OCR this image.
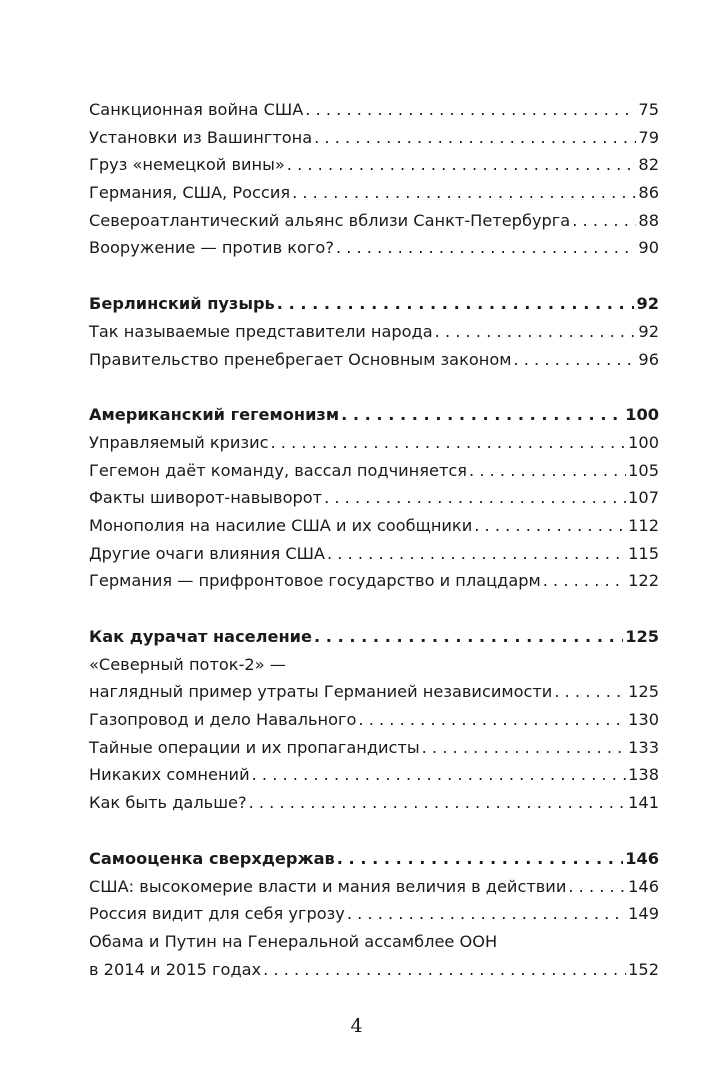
Санкционная война США . . .	75
Установки из Вашингтона . . .	79
Груз «немецкой вины» . . .	82
Германия, США, Россия . . .	86
Североатлантический альянс вблизи Санкт-Петербурга . . .	88
Вооружение — против кого? . . .	90
Берлинский пузырь . . .	92
Так называемые представители народа . . .	92
Правительство пренебрегает Основным законом . . .	96
Американский гегемонизм . . .	100
Управляемый кризис . . .	100
Гегемон даёт команду, вассал подчиняется . . .	105
Факты шиворот-навыворот . . .	107
Монополия на насилие США и их сообщники . . .	112
Другие очаги влияния США . . .	115
Германия — прифронтовое государство и плацдарм . . .	122
Как дурачат население . . .	125
«Северный поток-2» —
наглядный пример утраты Германией независимости . . .	125
Газопровод и дело Навального . . .	130
Тайные операции и их пропагандисты . . .	133
Никаких сомнений . . .	138
Как быть дальше? . . .	141
Самооценка сверхдержав . . .	146
США: высокомерие власти и мания величия в действии . . .	146
Россия видит для себя угрозу . . .	149
Обама и Путин на Генеральной ассамблее ООН
в 2014 и 2015 годах . . .	152
4
